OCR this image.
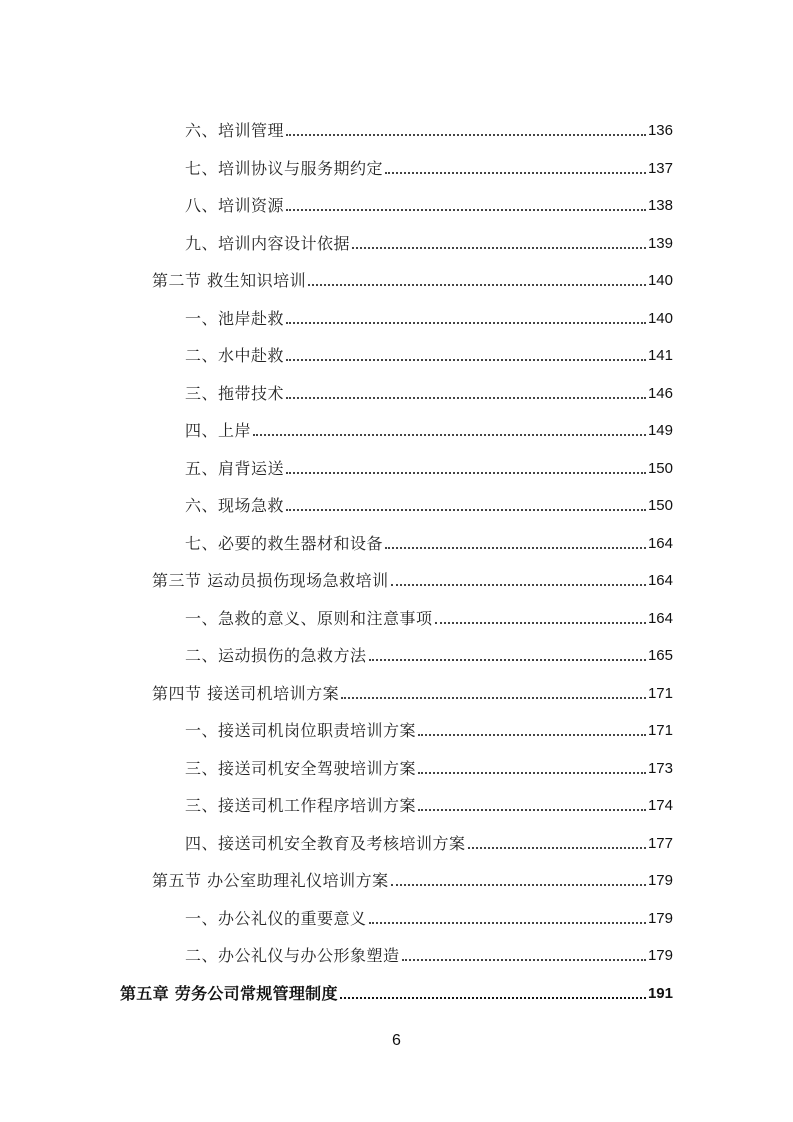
六、培训管理	136
七、培训协议与服务期约定	137
八、培训资源	138
九、培训内容设计依据	139
第二节 救生知识培训	140
一、池岸赴救	140
二、水中赴救	141
三、拖带技术	146
四、上岸	149
五、肩背运送	150
六、现场急救	150
七、必要的救生器材和设备	164
第三节 运动员损伤现场急救培训	164
一、急救的意义、原则和注意事项	164
二、运动损伤的急救方法	165
第四节 接送司机培训方案	171
一、接送司机岗位职责培训方案	171
三、接送司机安全驾驶培训方案	173
三、接送司机工作程序培训方案	174
四、接送司机安全教育及考核培训方案	177
第五节 办公室助理礼仪培训方案	179
一、办公礼仪的重要意义	179
二、办公礼仪与办公形象塑造	179
第五章 劳务公司常规管理制度	191
6
